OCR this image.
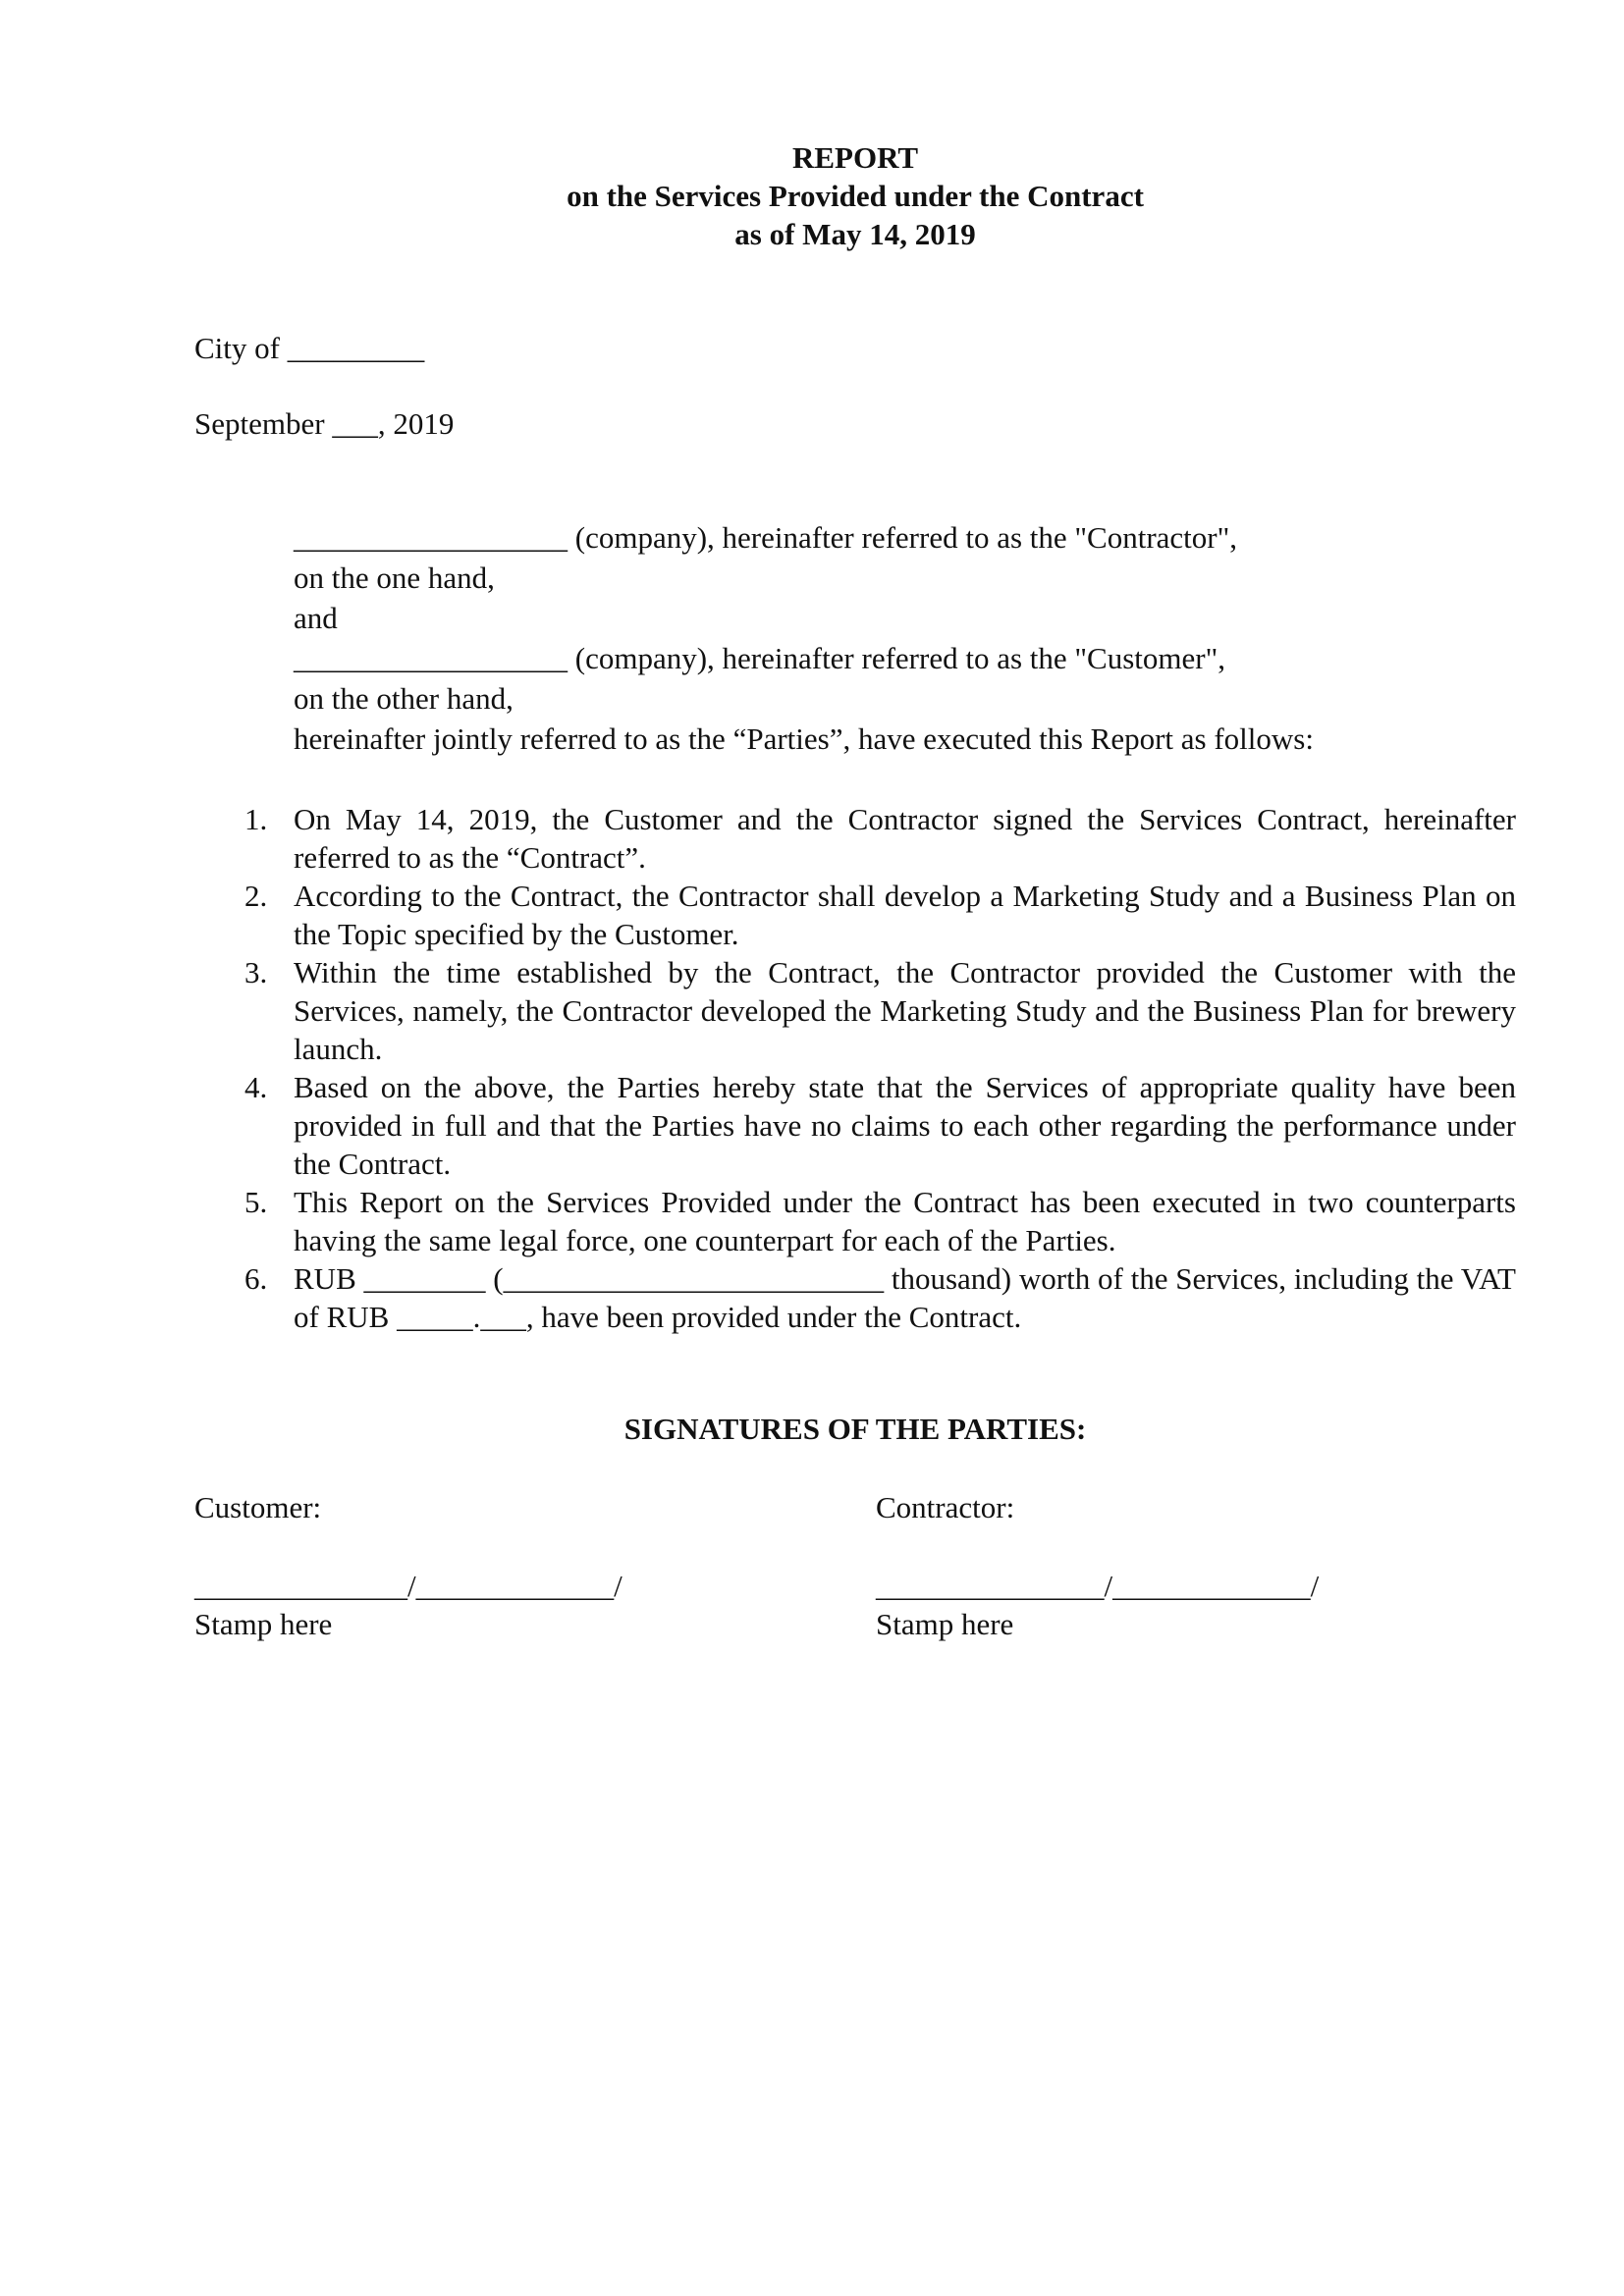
REPORT
on the Services Provided under the Contract
as of May 14, 2019
City of _________
September ___, 2019
__________________ (company), hereinafter referred to as the "Contractor",
on the one hand,
and
__________________ (company), hereinafter referred to as the "Customer",
on the other hand,
hereinafter jointly referred to as the “Parties”, have executed this Report as follows:
1. On May 14, 2019, the Customer and the Contractor signed the Services Contract, hereinafter referred to as the “Contract”.
2. According to the Contract, the Contractor shall develop a Marketing Study and a Business Plan on the Topic specified by the Customer.
3. Within the time established by the Contract, the Contractor provided the Customer with the Services, namely, the Contractor developed the Marketing Study and the Business Plan for brewery launch.
4. Based on the above, the Parties hereby state that the Services of appropriate quality have been provided in full and that the Parties have no claims to each other regarding the performance under the Contract.
5. This Report on the Services Provided under the Contract has been executed in two counterparts having the same legal force, one counterpart for each of the Parties.
6. RUB ________ (_________________________ thousand) worth of the Services, including the VAT of RUB _____.___, have been provided under the Contract.
SIGNATURES OF THE PARTIES:
Customer:
______________/_____________/
Stamp here
Contractor:
_______________/_____________/
Stamp here
